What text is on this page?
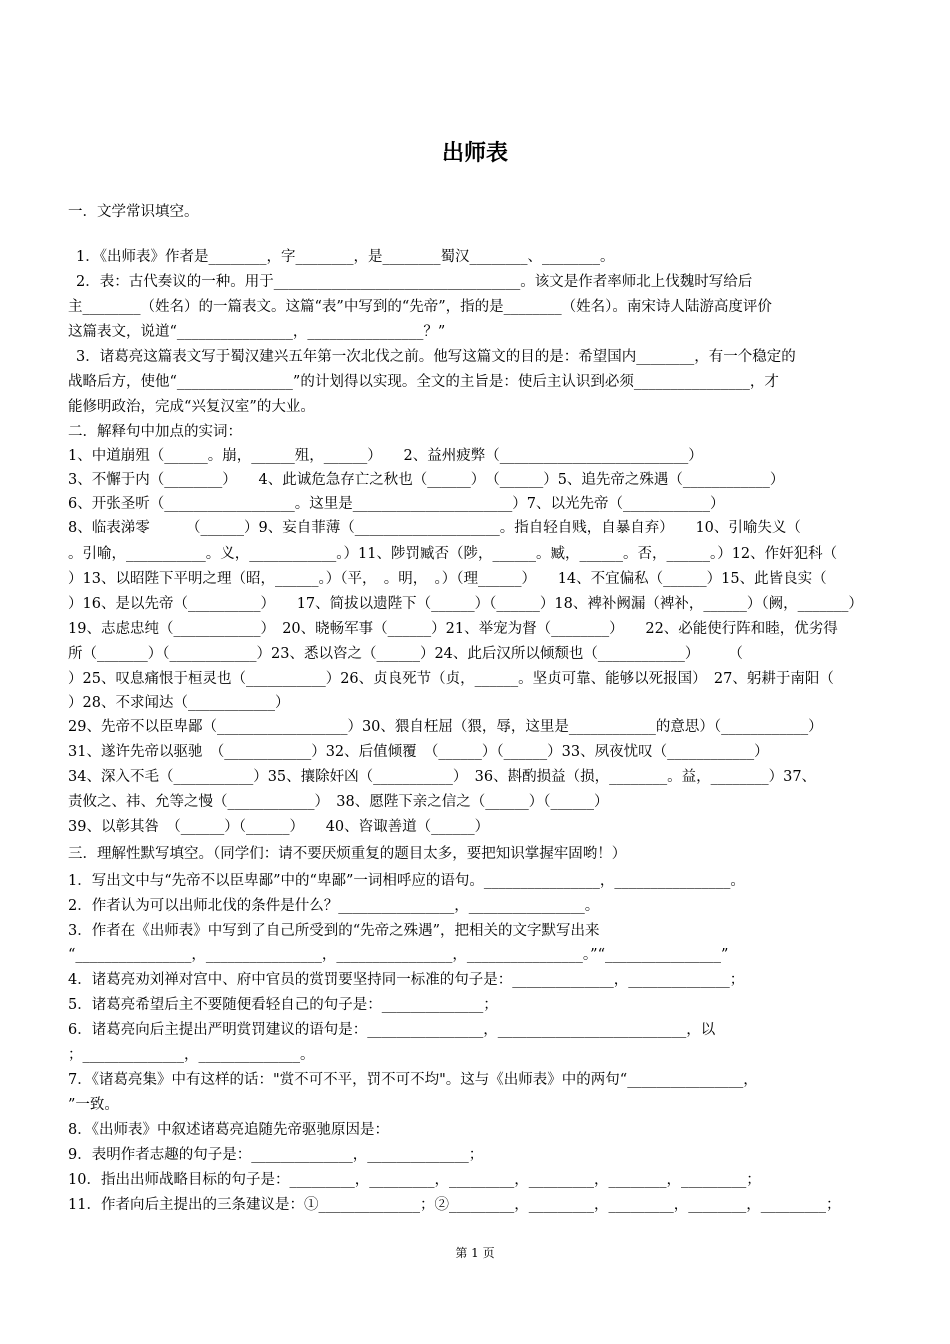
出师表
一．文学常识填空。
1．《出师表》作者是________，字________，是________蜀汉________、________。
2．表：古代奏议的一种。用于__________________________________。该文是作者率师北上伐魏时写给后
主________（姓名）的一篇表文。这篇“表”中写到的“先帝”，指的是________（姓名）。南宋诗人陆游高度评价
这篇表文，说道“________________，________________？”
3．诸葛亮这篇表文写于蜀汉建兴五年第一次北伐之前。他写这篇文的目的是：希望国内________，有一个稳定的
战略后方，使他“________________”的计划得以实现。全文的主旨是：使后主认识到必须________________，才
能修明政治，完成“兴复汉室”的大业。
二．解释句中加点的实词：
1、中道崩殂（______。崩，______殂，______）　　2、益州疲弊（__________________________）
3、不懈于内（________）　　4、此诚危急存亡之秋也（______）　（______）5、追先帝之殊遇（____________）
6、开张圣听（__________________。这里是______________________）7、以光先帝（____________）
8、临表涕零　　　（______）9、妄自菲薄（____________________。指自轻自贱，自暴自弃）　　10、引喻失义（
。引喻，___________。义，____________。）11、陟罚臧否（陟，______。臧，______。否，______。）12、作奸犯科（
）13、以昭陛下平明之理（昭，______。）（平，　。明，　。）（理______）　　14、不宜偏私（______）15、此皆良实（
）16、是以先帝（__________）　　17、简拔以遗陛下（______）（______）18、裨补阙漏（裨补，______）（阙，_______）
19、志虑忠纯（____________）　20、晓畅军事（______）21、举宠为督（________）　　22、必能使行阵和睦，优劣得
所（_______）（____________）23、悉以咨之（______）24、此后汉所以倾颓也（____________）　　　（
）25、叹息痛恨于桓灵也（___________）26、贞良死节（贞，______。坚贞可靠、能够以死报国）　27、躬耕于南阳（
）28、不求闻达（____________）
29、先帝不以臣卑鄙（__________________）30、猥自枉屈（猥，辱，这里是____________的意思）（____________）
31、遂许先帝以驱驰　（____________）32、后值倾覆　（______）（______）33、夙夜忧叹（____________）
34、深入不毛（___________）35、攘除奸凶（___________）　36、斟酌损益（损，________。益，________）37、
责攸之、祎、允等之慢（____________）　38、愿陛下亲之信之（______）（______）
39、以彰其咎　（______）（______）　　40、咨诹善道（______）
三．理解性默写填空。（同学们：请不要厌烦重复的题目太多，要把知识掌握牢固哟！）
1．写出文中与“先帝不以臣卑鄙”中的“卑鄙”一词相呼应的语句。________________，________________。
2．作者认为可以出师北伐的条件是什么？________________，________________。
3．作者在《出师表》中写到了自己所受到的“先帝之殊遇”，把相关的文字默写出来
“________________，________________，________________，________________。”“________________”
4．诸葛亮劝刘禅对宫中、府中官员的赏罚要坚持同一标准的句子是：______________，______________；
5．诸葛亮希望后主不要随便看轻自己的句子是：______________；
6．诸葛亮向后主提出严明赏罚建议的语句是：________________，__________________________，以
；______________，______________。
7．《诸葛亮集》中有这样的话："赏不可不平，罚不可不均"。这与《出师表》中的两句“________________，
”一致。
8．《出师表》中叙述诸葛亮追随先帝驱驰原因是：
9．表明作者志趣的句子是：______________，______________；
10．指出出师战略目标的句子是：_________，_________，_________，_________，________，_________；
11．作者向后主提出的三条建议是：①______________；②_________，_________，_________，________，_________；
第 1 页
